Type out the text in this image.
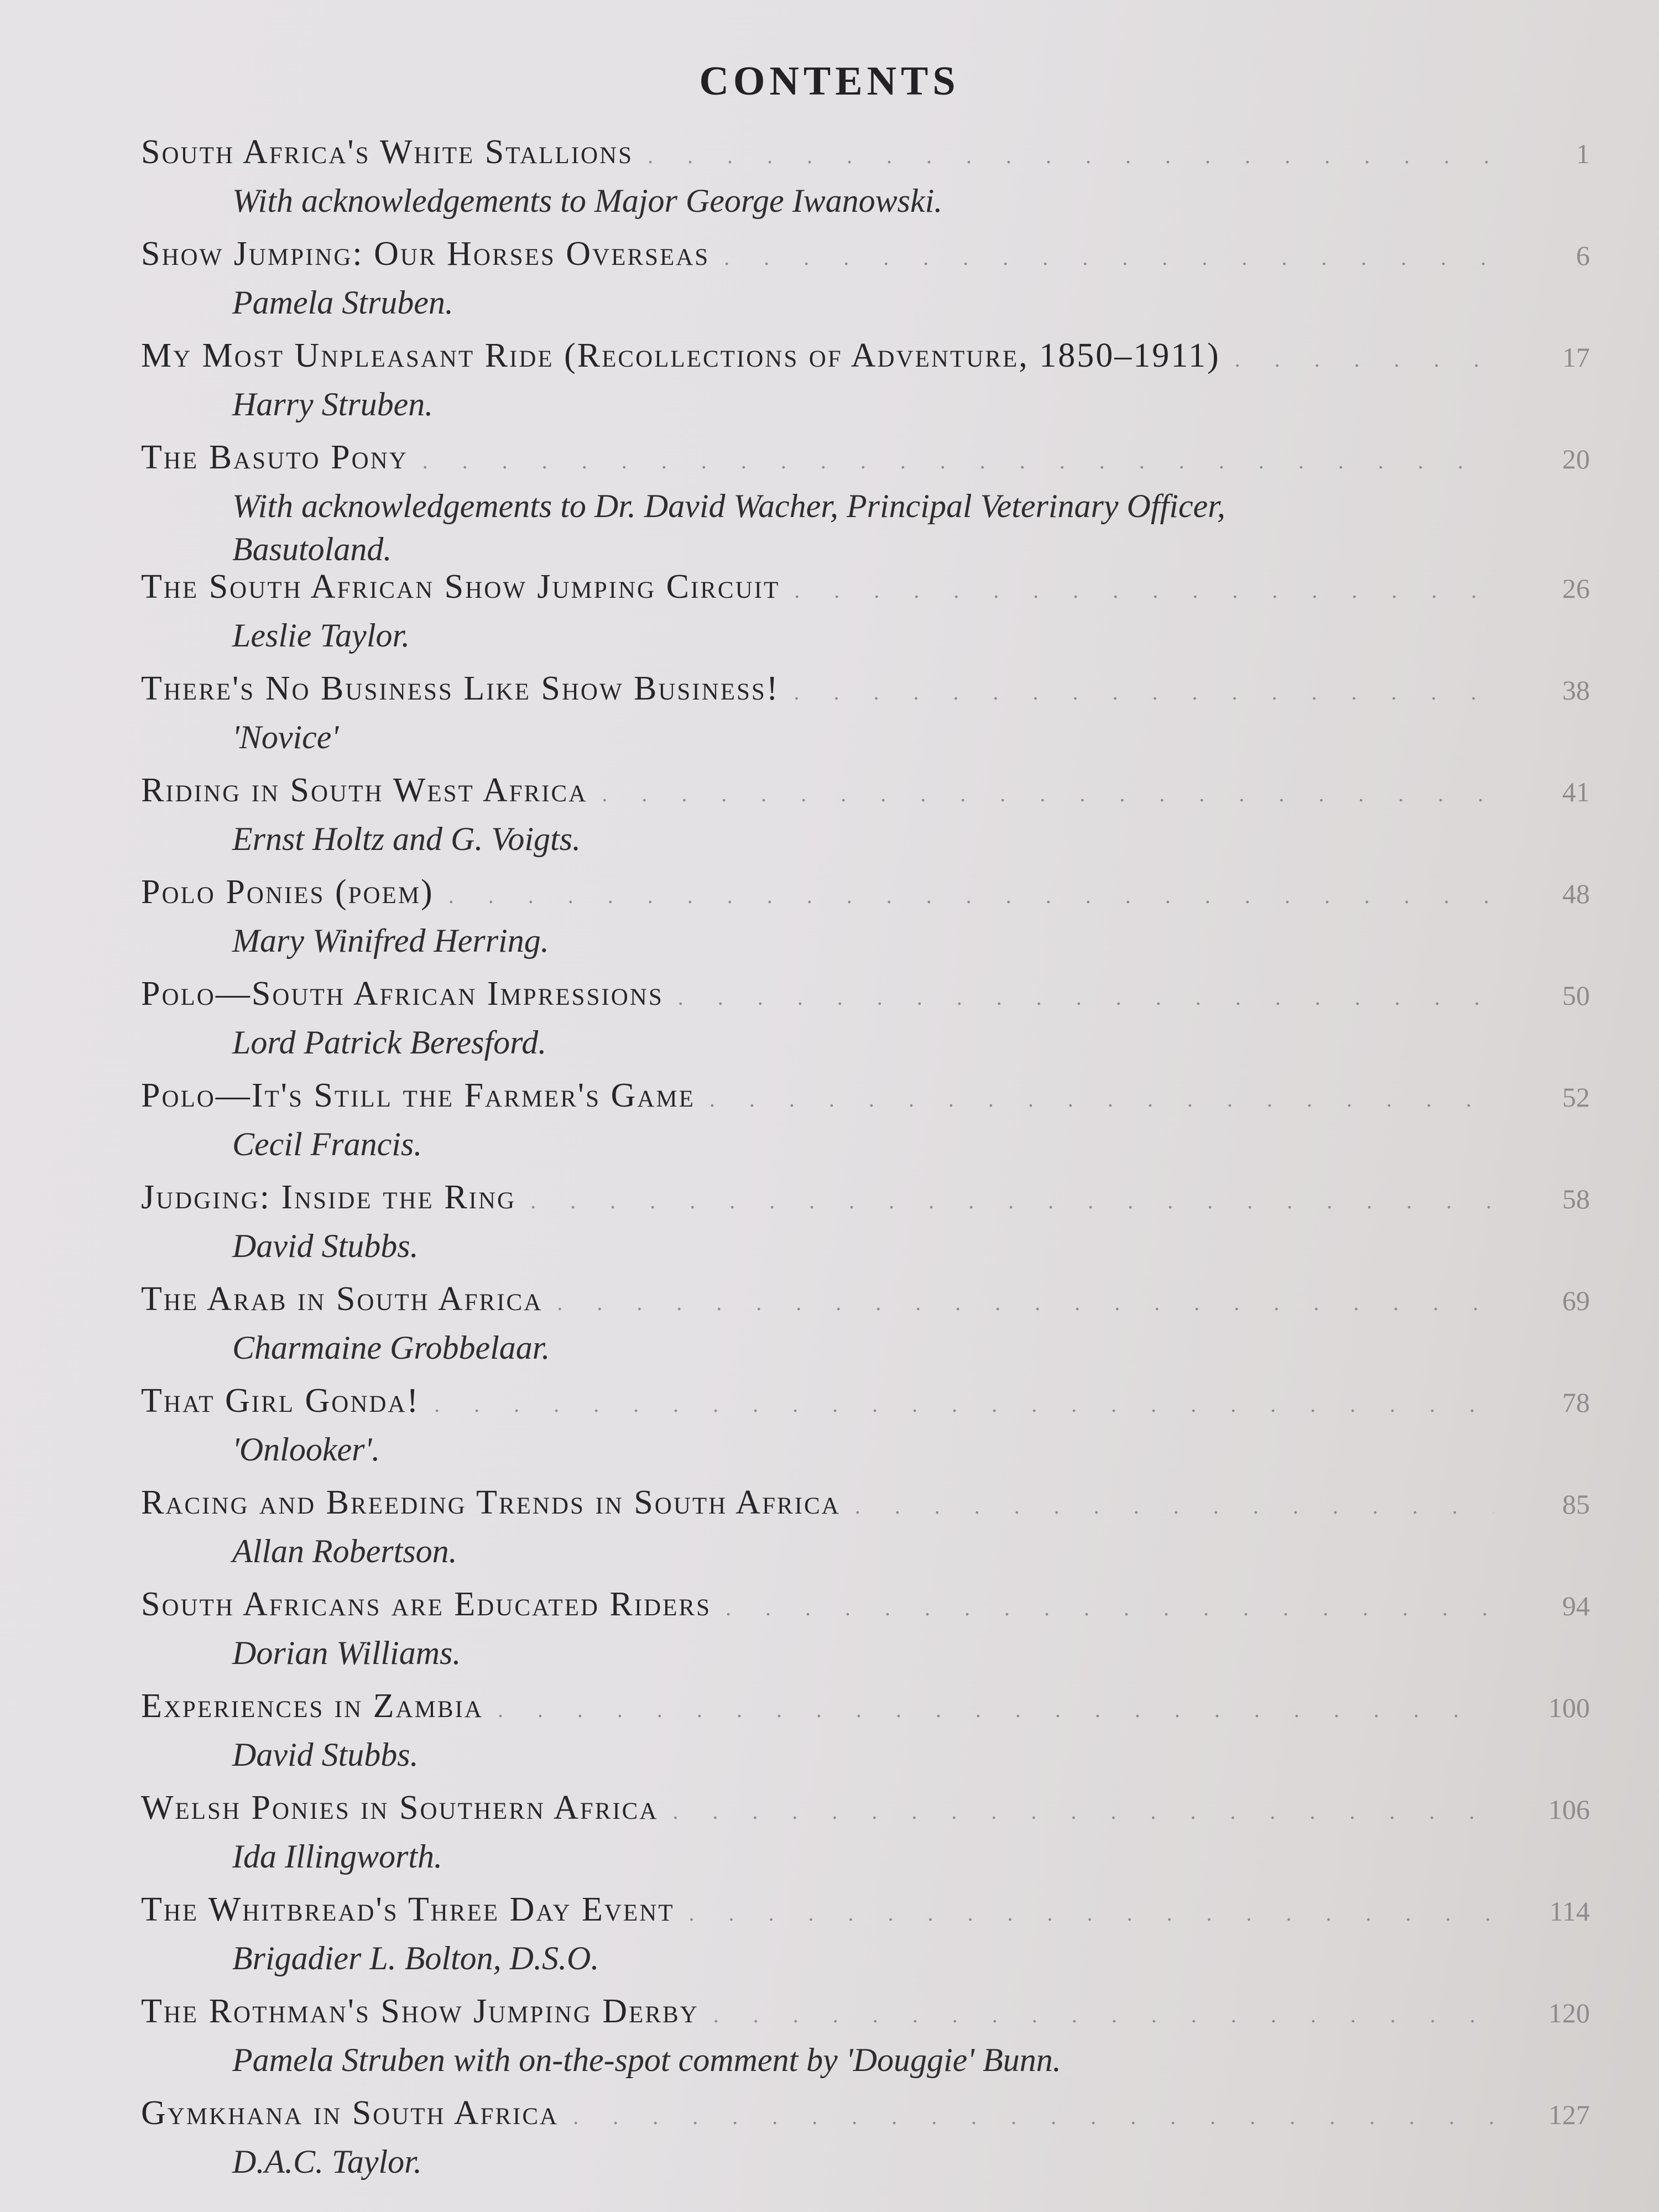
CONTENTS
South Africa's White Stallions . . .	1
With acknowledgements to Major George Iwanowski.
Show Jumping: Our Horses Overseas . . .	6
Pamela Struben.
My Most Unpleasant Ride (Recollections of Adventure, 1850–1911) . . .	17
Harry Struben.
The Basuto Pony . . .	20
With acknowledgements to Dr. David Wacher, Principal Veterinary Officer,
Basutoland.
The South African Show Jumping Circuit . . .	26
Leslie Taylor.
There's No Business Like Show Business! . . .	38
'Novice'
Riding in South West Africa . . .	41
Ernst Holtz and G. Voigts.
Polo Ponies (poem) . . .	48
Mary Winifred Herring.
Polo—South African Impressions . . .	50
Lord Patrick Beresford.
Polo—It's Still the Farmer's Game . . .	52
Cecil Francis.
Judging: Inside the Ring . . .	58
David Stubbs.
The Arab in South Africa . . .	69
Charmaine Grobbelaar.
That Girl Gonda! . . .	78
'Onlooker'.
Racing and Breeding Trends in South Africa . . .	85
Allan Robertson.
South Africans are Educated Riders . . .	94
Dorian Williams.
Experiences in Zambia . . .	100
David Stubbs.
Welsh Ponies in Southern Africa . . .	106
Ida Illingworth.
The Whitbread's Three Day Event . . .	114
Brigadier L. Bolton, D.S.O.
The Rothman's Show Jumping Derby . . .	120
Pamela Struben with on-the-spot comment by 'Douggie' Bunn.
Gymkhana in South Africa . . .	127
D.A.C. Taylor.
